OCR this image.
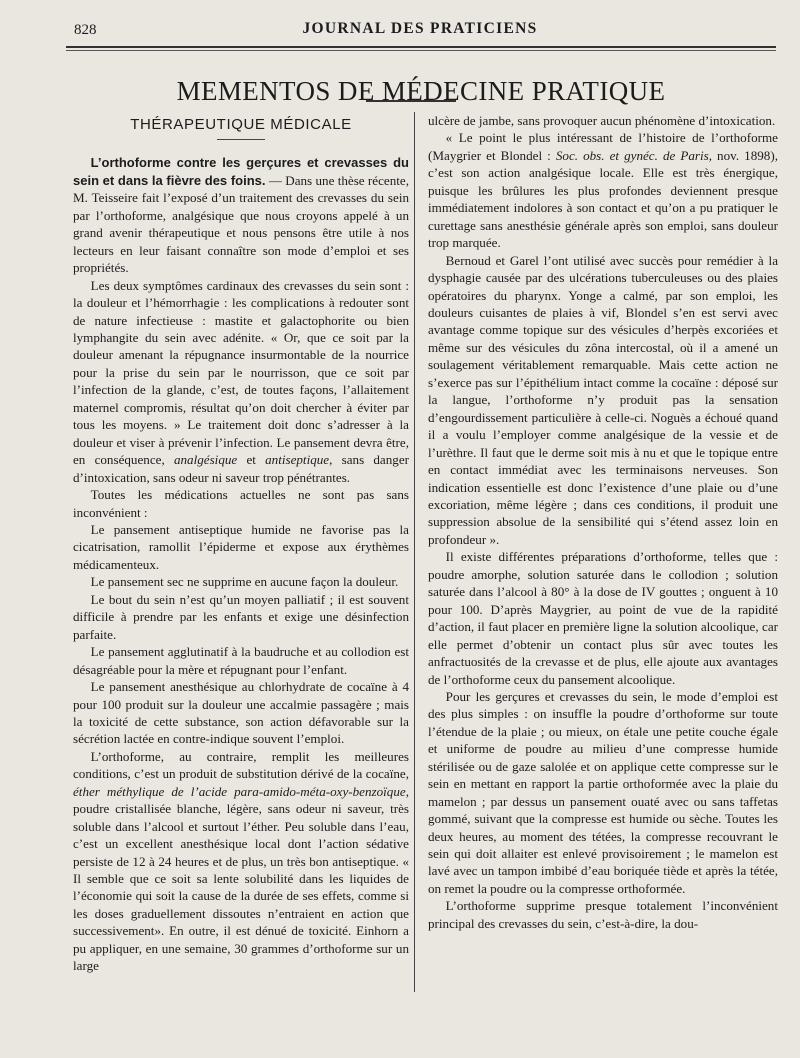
828	JOURNAL DES PRATICIENS
MEMENTOS DE MÉDECINE PRATIQUE
THÉRAPEUTIQUE MÉDICALE

L’orthoforme contre les gerçures et crevasses du sein et dans la fièvre des foins. — Dans une thèse récente, M. Teisseire fait l’exposé d’un traitement des crevasses du sein par l’orthoforme, analgésique que nous croyons appelé à un grand avenir thérapeutique et nous pensons être utile à nos lecteurs en leur faisant connaître son mode d’emploi et ses propriétés.

Les deux symptômes cardinaux des crevasses du sein sont : la douleur et l’hémorrhagie : les complications à redouter sont de nature infectieuse : mastite et galactophorite ou bien lymphangite du sein avec adénite. « Or, que ce soit par la douleur amenant la répugnance insurmontable de la nourrice pour la prise du sein par le nourrisson, que ce soit par l’infection de la glande, c’est, de toutes façons, l’allaitement maternel compromis, résultat qu’on doit chercher à éviter par tous les moyens. » Le traitement doit donc s’adresser à la douleur et viser à prévenir l’infection. Le pansement devra être, en conséquence, analgésique et antiseptique, sans danger d’intoxication, sans odeur ni saveur trop pénétrantes.

Toutes les médications actuelles ne sont pas sans inconvénient :

Le pansement antiseptique humide ne favorise pas la cicatrisation, ramollit l’épiderme et expose aux érythèmes médicamenteux.

Le pansement sec ne supprime en aucune façon la douleur.

Le bout du sein n’est qu’un moyen palliatif ; il est souvent difficile à prendre par les enfants et exige une désinfection parfaite.

Le pansement agglutinatif à la baudruche et au collodion est désagréable pour la mère et répugnant pour l’enfant.

Le pansement anesthésique au chlorhydrate de cocaïne à 4 pour 100 produit sur la douleur une accalmie passagère ; mais la toxicité de cette substance, son action défavorable sur la sécrétion lactée en contre-indique souvent l’emploi.

L’orthoforme, au contraire, remplit les meilleures conditions, c’est un produit de substitution dérivé de la cocaïne, éther méthylique de l’acide para-amido-méta-oxy-benzoïque, poudre cristallisée blanche, légère, sans odeur ni saveur, très soluble dans l’alcool et surtout l’éther. Peu soluble dans l’eau, c’est un excellent anesthésique local dont l’action sédative persiste de 12 à 24 heures et de plus, un très bon antiseptique. « Il semble que ce soit sa lente solubilité dans les liquides de l’économie qui soit la cause de la durée de ses effets, comme si les doses graduellement dissoutes n’entraient en action que successivement». En outre, il est dénué de toxicité. Einhorn a pu appliquer, en une semaine, 30 grammes d’orthoforme sur un large

ulcère de jambe, sans provoquer aucun phénomène d’intoxication.

« Le point le plus intéressant de l’histoire de l’orthoforme (Maygrier et Blondel : Soc. obs. et gynéc. de Paris, nov. 1898), c’est son action analgésique locale. Elle est très énergique, puisque les brûlures les plus profondes deviennent presque immédiatement indolores à son contact et qu’on a pu pratiquer le curettage sans anesthésie générale après son emploi, sans douleur trop marquée.

Bernoud et Garel l’ont utilisé avec succès pour remédier à la dysphagie causée par des ulcérations tuberculeuses ou des plaies opératoires du pharynx. Yonge a calmé, par son emploi, les douleurs cuisantes de plaies à vif, Blondel s’en est servi avec avantage comme topique sur des vésicules d’herpès excoriées et même sur des vésicules du zôna intercostal, où il a amené un soulagement véritablement remarquable. Mais cette action ne s’exerce pas sur l’épithélium intact comme la cocaïne : déposé sur la langue, l’orthoforme n’y produit pas la sensation d’engourdissement particulière à celle-ci. Noguès a échoué quand il a voulu l’employer comme analgésique de la vessie et de l’urèthre. Il faut que le derme soit mis à nu et que le topique entre en contact immédiat avec les terminaisons nerveuses. Son indication essentielle est donc l’existence d’une plaie ou d’une excoriation, même légère ; dans ces conditions, il produit une suppression absolue de la sensibilité qui s’étend assez loin en profondeur ».

Il existe différentes préparations d’orthoforme, telles que : poudre amorphe, solution saturée dans le collodion ; solution saturée dans l’alcool à 80° à la dose de IV gouttes ; onguent à 10 pour 100. D’après Maygrier, au point de vue de la rapidité d’action, il faut placer en première ligne la solution alcoolique, car elle permet d’obtenir un contact plus sûr avec toutes les anfractuosités de la crevasse et de plus, elle ajoute aux avantages de l’orthoforme ceux du pansement alcoolique.

Pour les gerçures et crevasses du sein, le mode d’emploi est des plus simples : on insuffle la poudre d’orthoforme sur toute l’étendue de la plaie ; ou mieux, on étale une petite couche égale et uniforme de poudre au milieu d’une compresse humide stérilisée ou de gaze salolée et on applique cette compresse sur le sein en mettant en rapport la partie orthoformée avec la plaie du mamelon ; par dessus un pansement ouaté avec ou sans taffetas gommé, suivant que la compresse est humide ou sèche. Toutes les deux heures, au moment des tétées, la compresse recouvrant le sein qui doit allaiter est enlevé provisoirement ; le mamelon est lavé avec un tampon imbibé d’eau boriquée tiède et après la tétée, on remet la poudre ou la compresse orthoformée.

L’orthoforme supprime presque totalement l’inconvénient principal des crevasses du sein, c’est-à-dire, la dou-
